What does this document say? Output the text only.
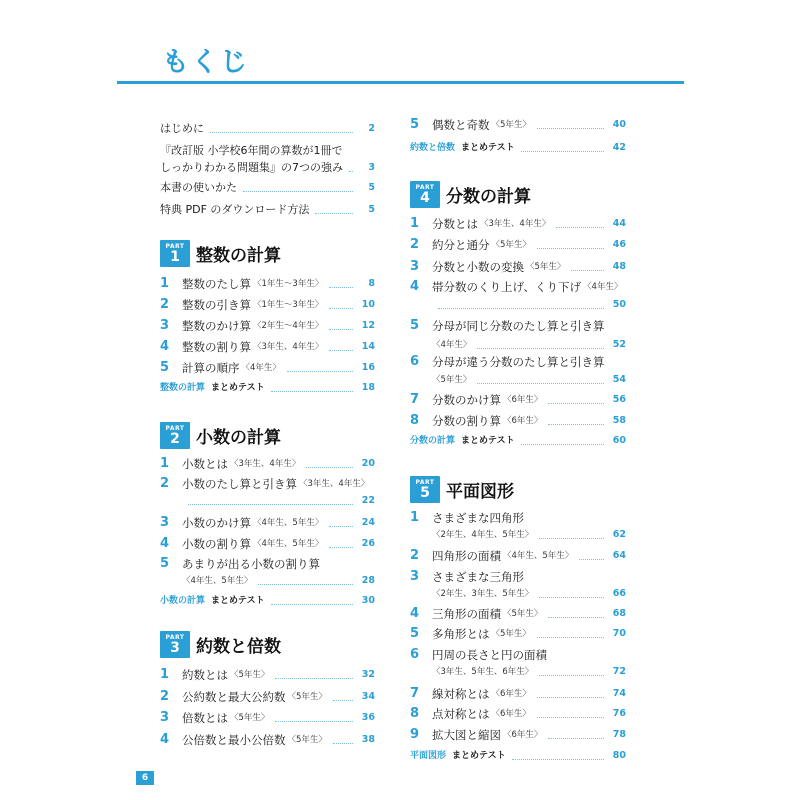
もくじ
はじめに	2
『改訂版 小学校6年間の算数が1冊で
しっかりわかる問題集』の7つの強み	3
本書の使いかた	5
特典 PDF のダウンロード方法	5
PART
1 整数の計算
1	整数のたし算 〈1年生～3年生〉	8
2	整数の引き算 〈1年生～3年生〉	10
3	整数のかけ算 〈2年生～4年生〉	12
4	整数の割り算 〈3年生、4年生〉	14
5	計算の順序 〈4年生〉	16
整数の計算 まとめテスト	18
PART
2 小数の計算
1	小数とは 〈3年生、4年生〉	20
2	小数のたし算と引き算 〈3年生、4年生〉
22
3	小数のかけ算 〈4年生、5年生〉	24
4	小数の割り算 〈4年生、5年生〉	26
5	あまりが出る小数の割り算
〈4年生、5年生〉	28
小数の計算 まとめテスト	30
PART
3 約数と倍数
1	約数とは 〈5年生〉	32
2	公約数と最大公約数 〈5年生〉	34
3	倍数とは 〈5年生〉	36
4	公倍数と最小公倍数 〈5年生〉	38
5	偶数と奇数 〈5年生〉	40
約数と倍数 まとめテスト	42
PART
4 分数の計算
1	分数とは 〈3年生、4年生〉	44
2	約分と通分 〈5年生〉	46
3	分数と小数の変換 〈5年生〉	48
4	帯分数のくり上げ、くり下げ 〈4年生〉
50
5	分母が同じ分数のたし算と引き算
〈4年生〉	52
6	分母が違う分数のたし算と引き算
〈5年生〉	54
7	分数のかけ算 〈6年生〉	56
8	分数の割り算 〈6年生〉	58
分数の計算 まとめテスト	60
PART
5 平面図形
1	さまざまな四角形
〈2年生、4年生、5年生〉	62
2	四角形の面積 〈4年生、5年生〉	64
3	さまざまな三角形
〈2年生、3年生、5年生〉	66
4	三角形の面積 〈5年生〉	68
5	多角形とは 〈5年生〉	70
6	円周の長さと円の面積
〈3年生、5年生、6年生〉	72
7	線対称とは 〈6年生〉	74
8	点対称とは 〈6年生〉	76
9	拡大図と縮図 〈6年生〉	78
平面図形 まとめテスト	80
6
